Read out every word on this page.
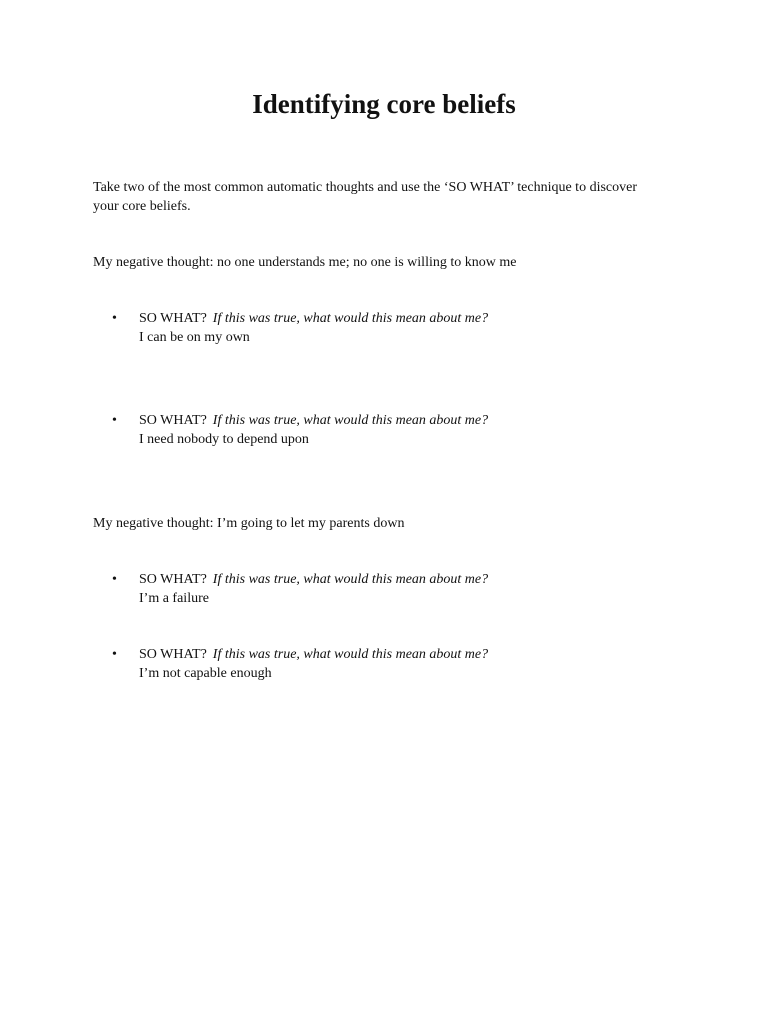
Identifying core beliefs

Take two of the most common automatic thoughts and use the ‘SO WHAT’ technique to discover your core beliefs.

My negative thought: no one understands me; no one is willing to know me

•	SO WHAT? If this was true, what would this mean about me?
I can be on my own
•	SO WHAT? If this was true, what would this mean about me?
I need nobody to depend upon

My negative thought: I’m going to let my parents down

•	SO WHAT? If this was true, what would this mean about me?
I’m a failure
•	SO WHAT? If this was true, what would this mean about me?
I’m not capable enough
